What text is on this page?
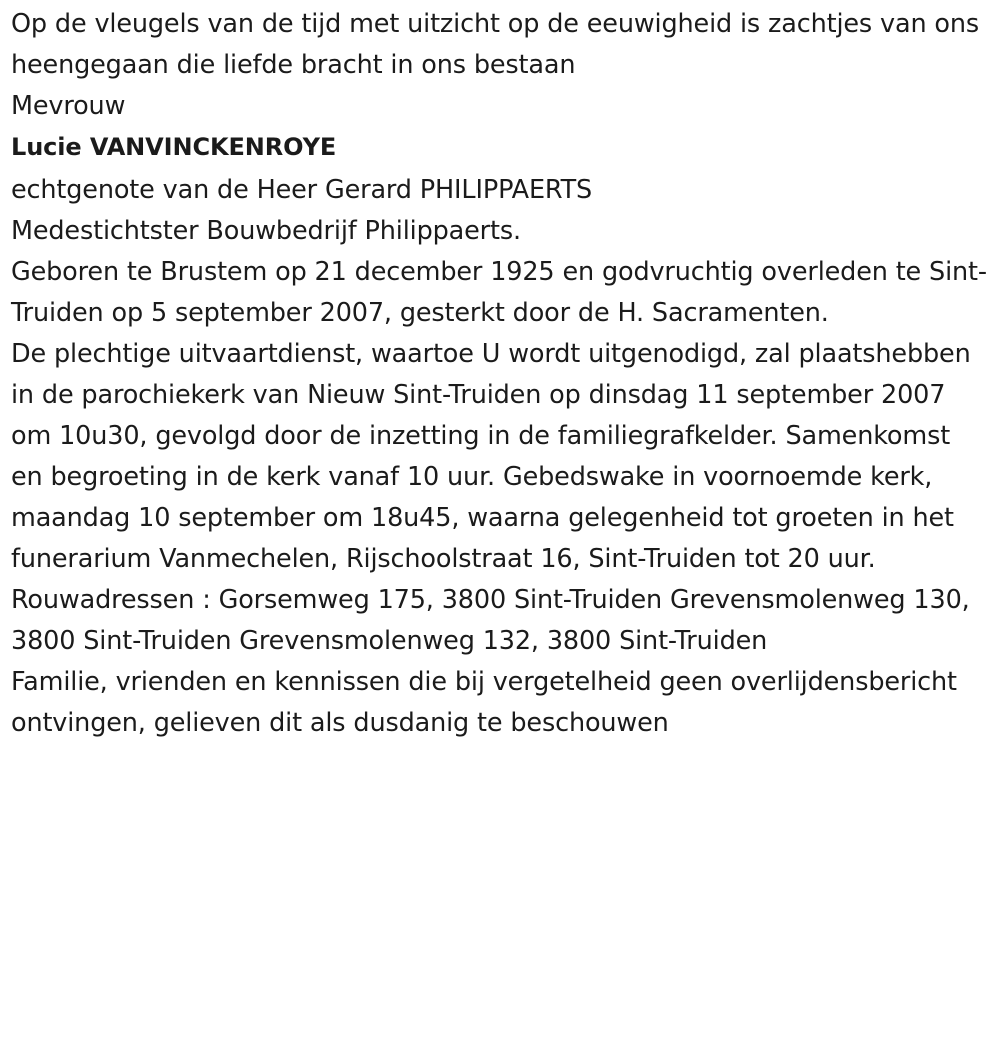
Op de vleugels van de tijd met uitzicht op de eeuwigheid is zachtjes van ons heengegaan die liefde bracht in ons bestaan

Mevrouw

Lucie VANVINCKENROYE

echtgenote van de Heer Gerard PHILIPPAERTS

Medestichtster Bouwbedrijf Philippaerts.

Geboren te Brustem op 21 december 1925 en godvruchtig overleden te Sint-Truiden op 5 september 2007, gesterkt door de H. Sacramenten.

De plechtige uitvaartdienst, waartoe U wordt uitgenodigd, zal plaatshebben in de parochiekerk van Nieuw Sint-Truiden op dinsdag 11 september 2007 om 10u30, gevolgd door de inzetting in de familiegrafkelder. Samenkomst en begroeting in de kerk vanaf 10 uur. Gebedswake in voornoemde kerk, maandag 10 september om 18u45, waarna gelegenheid tot groeten in het funerarium Vanmechelen, Rijschoolstraat 16, Sint-Truiden tot 20 uur.

Rouwadressen : Gorsemweg 175, 3800 Sint-Truiden Grevensmolenweg 130, 3800 Sint-Truiden Grevensmolenweg 132, 3800 Sint-Truiden

Familie, vrienden en kennissen die bij vergetelheid geen overlijdensbericht ontvingen, gelieven dit als dusdanig te beschouwen
